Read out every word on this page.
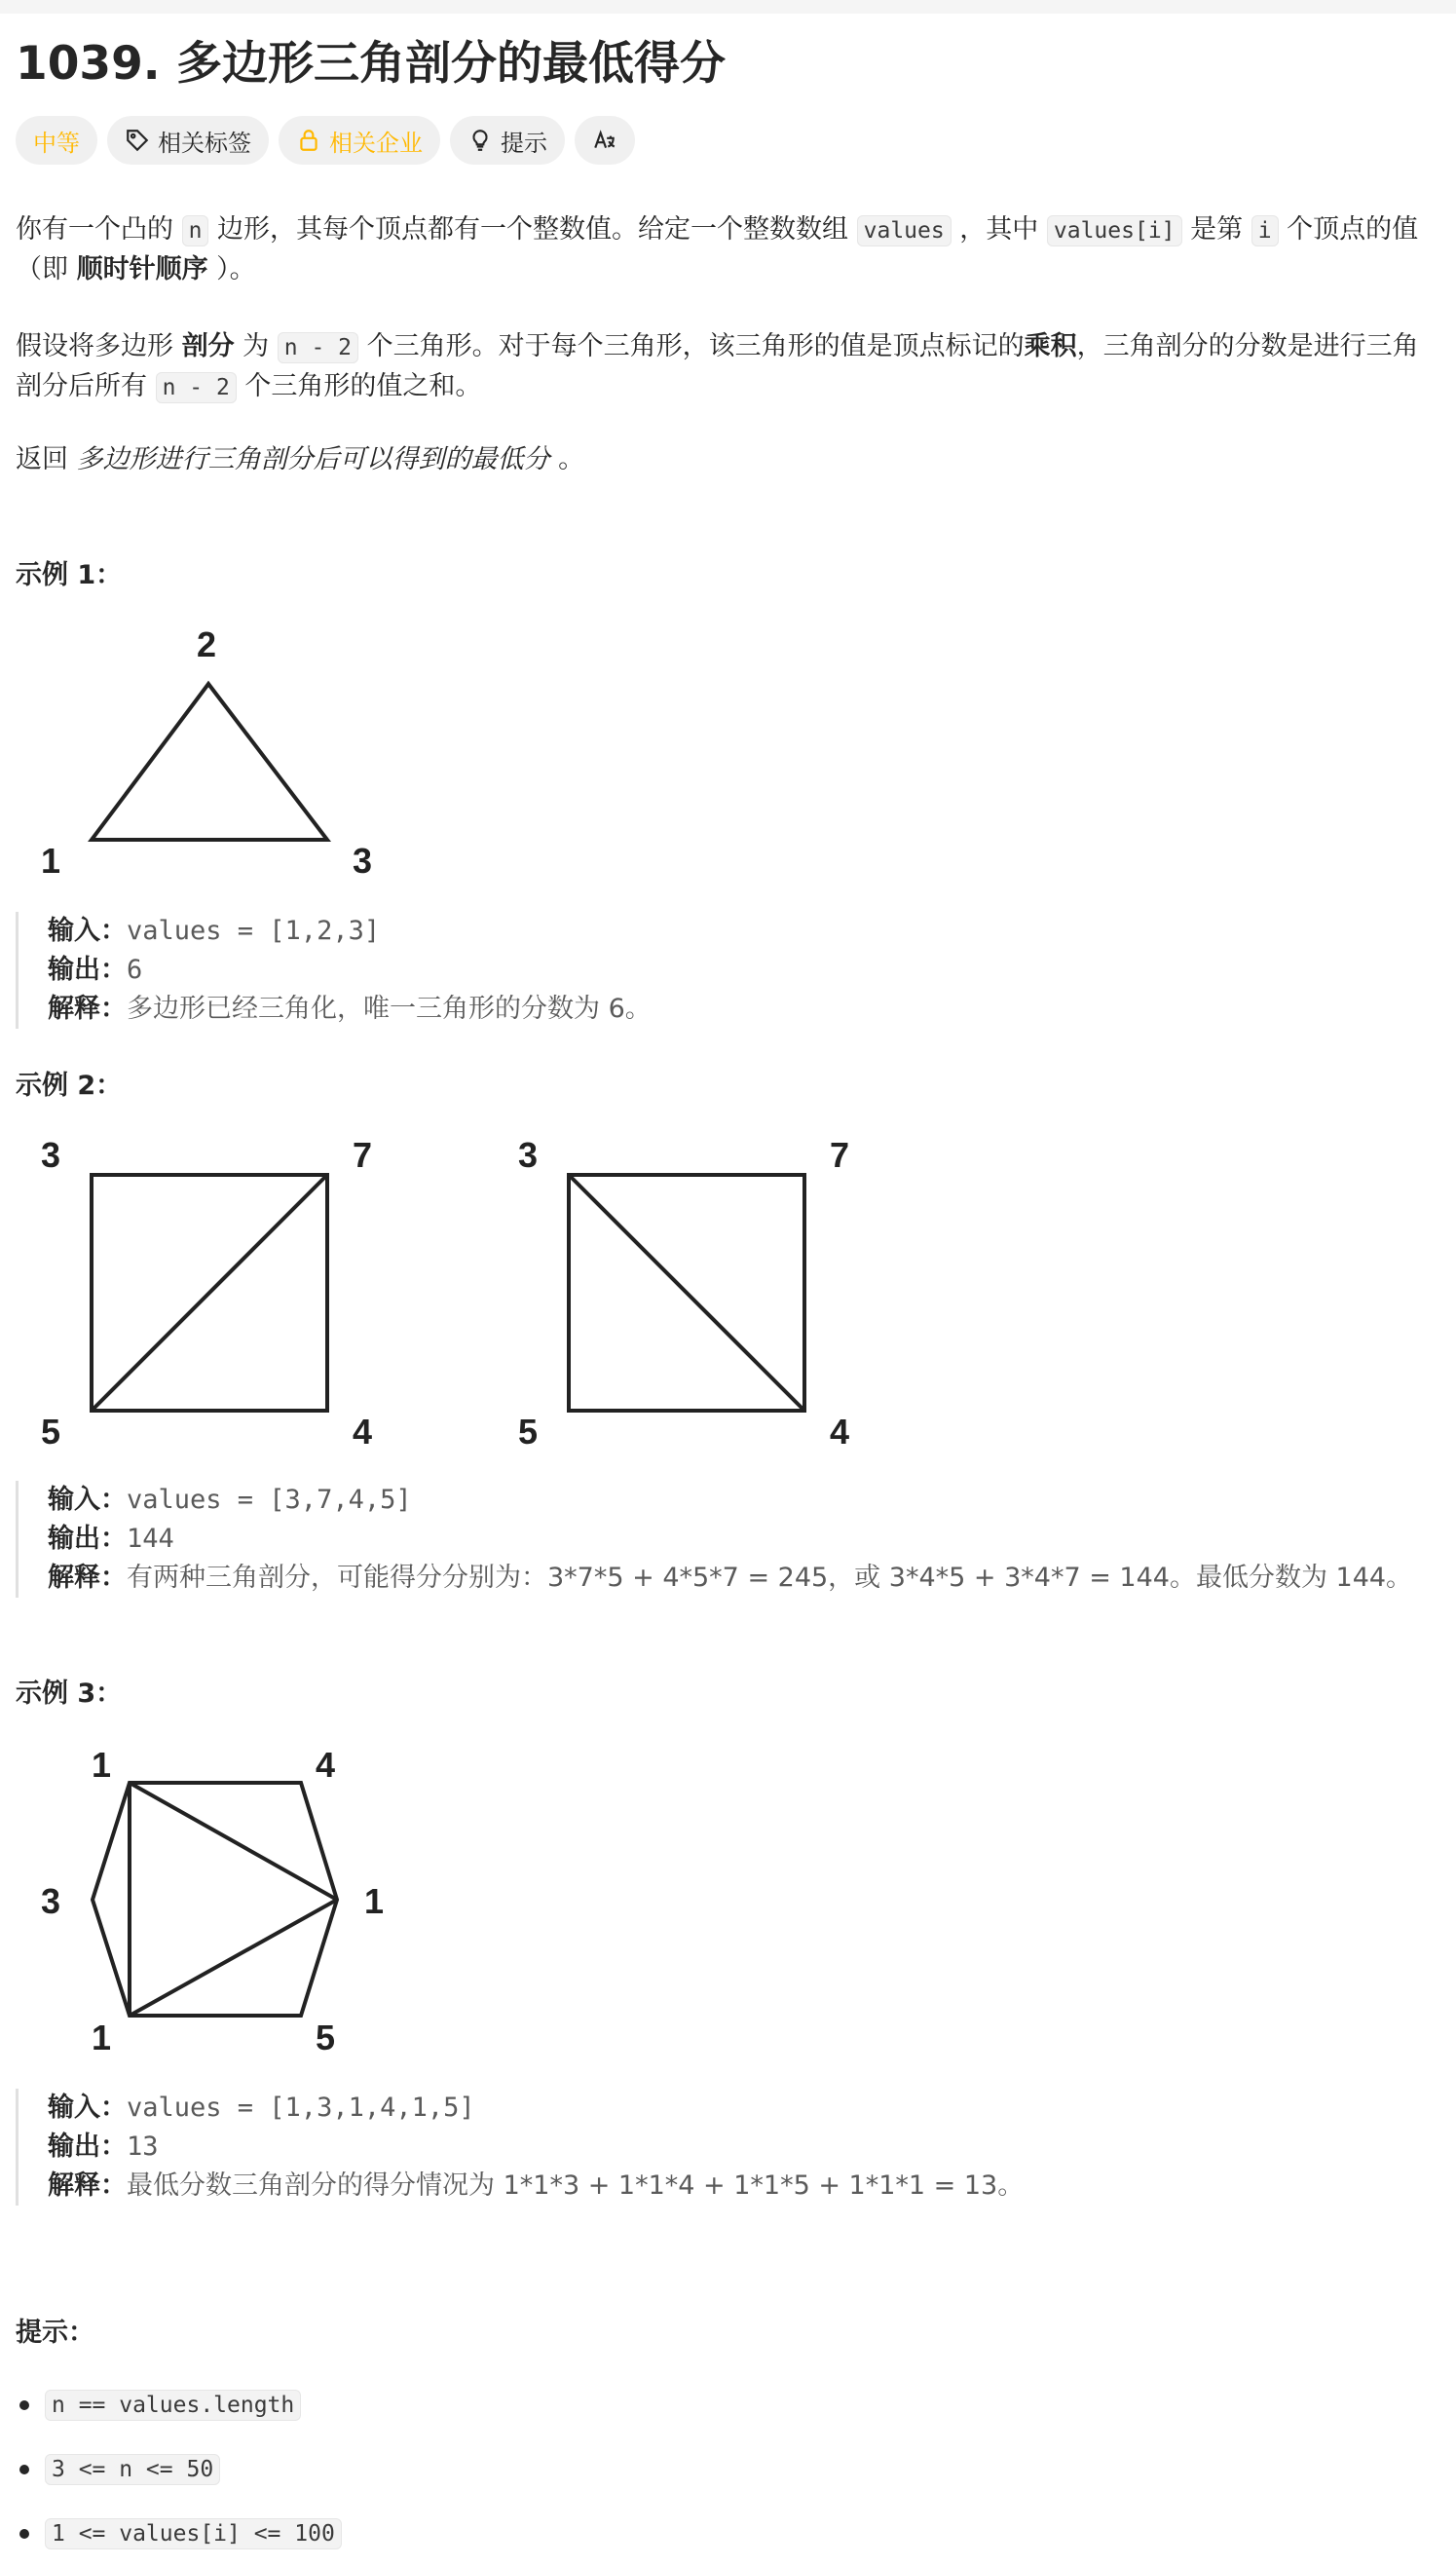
1039. 多边形三角剖分的最低得分
中等	相关标签	相关企业	提示

你有一个凸的 n 边形，其每个顶点都有一个整数值。给定一个整数数组 values ，其中 values[i] 是第 i 个顶点的值（即 顺时针顺序 ）。

假设将多边形 剖分 为 n - 2 个三角形。对于每个三角形，该三角形的值是顶点标记的乘积，三角剖分的分数是进行三角剖分后所有 n - 2 个三角形的值之和。

返回 多边形进行三角剖分后可以得到的最低分 。

示例 1：

2
1	3
输入：values = [1,2,3]
输出：6
解释：多边形已经三角化，唯一三角形的分数为 6。

示例 2：

3	7
5	4
3	7
5	4
输入：values = [3,7,4,5]
输出：144
解释：有两种三角剖分，可能得分分别为：3*7*5 + 4*5*7 = 245，或 3*4*5 + 3*4*7 = 144。最低分数为 144。

示例 3：

1	4
3	1
1	5
输入：values = [1,3,1,4,1,5]
输出：13
解释：最低分数三角剖分的得分情况为 1*1*3 + 1*1*4 + 1*1*5 + 1*1*1 = 13。

提示：

n == values.length
3 <= n <= 50
1 <= values[i] <= 100
